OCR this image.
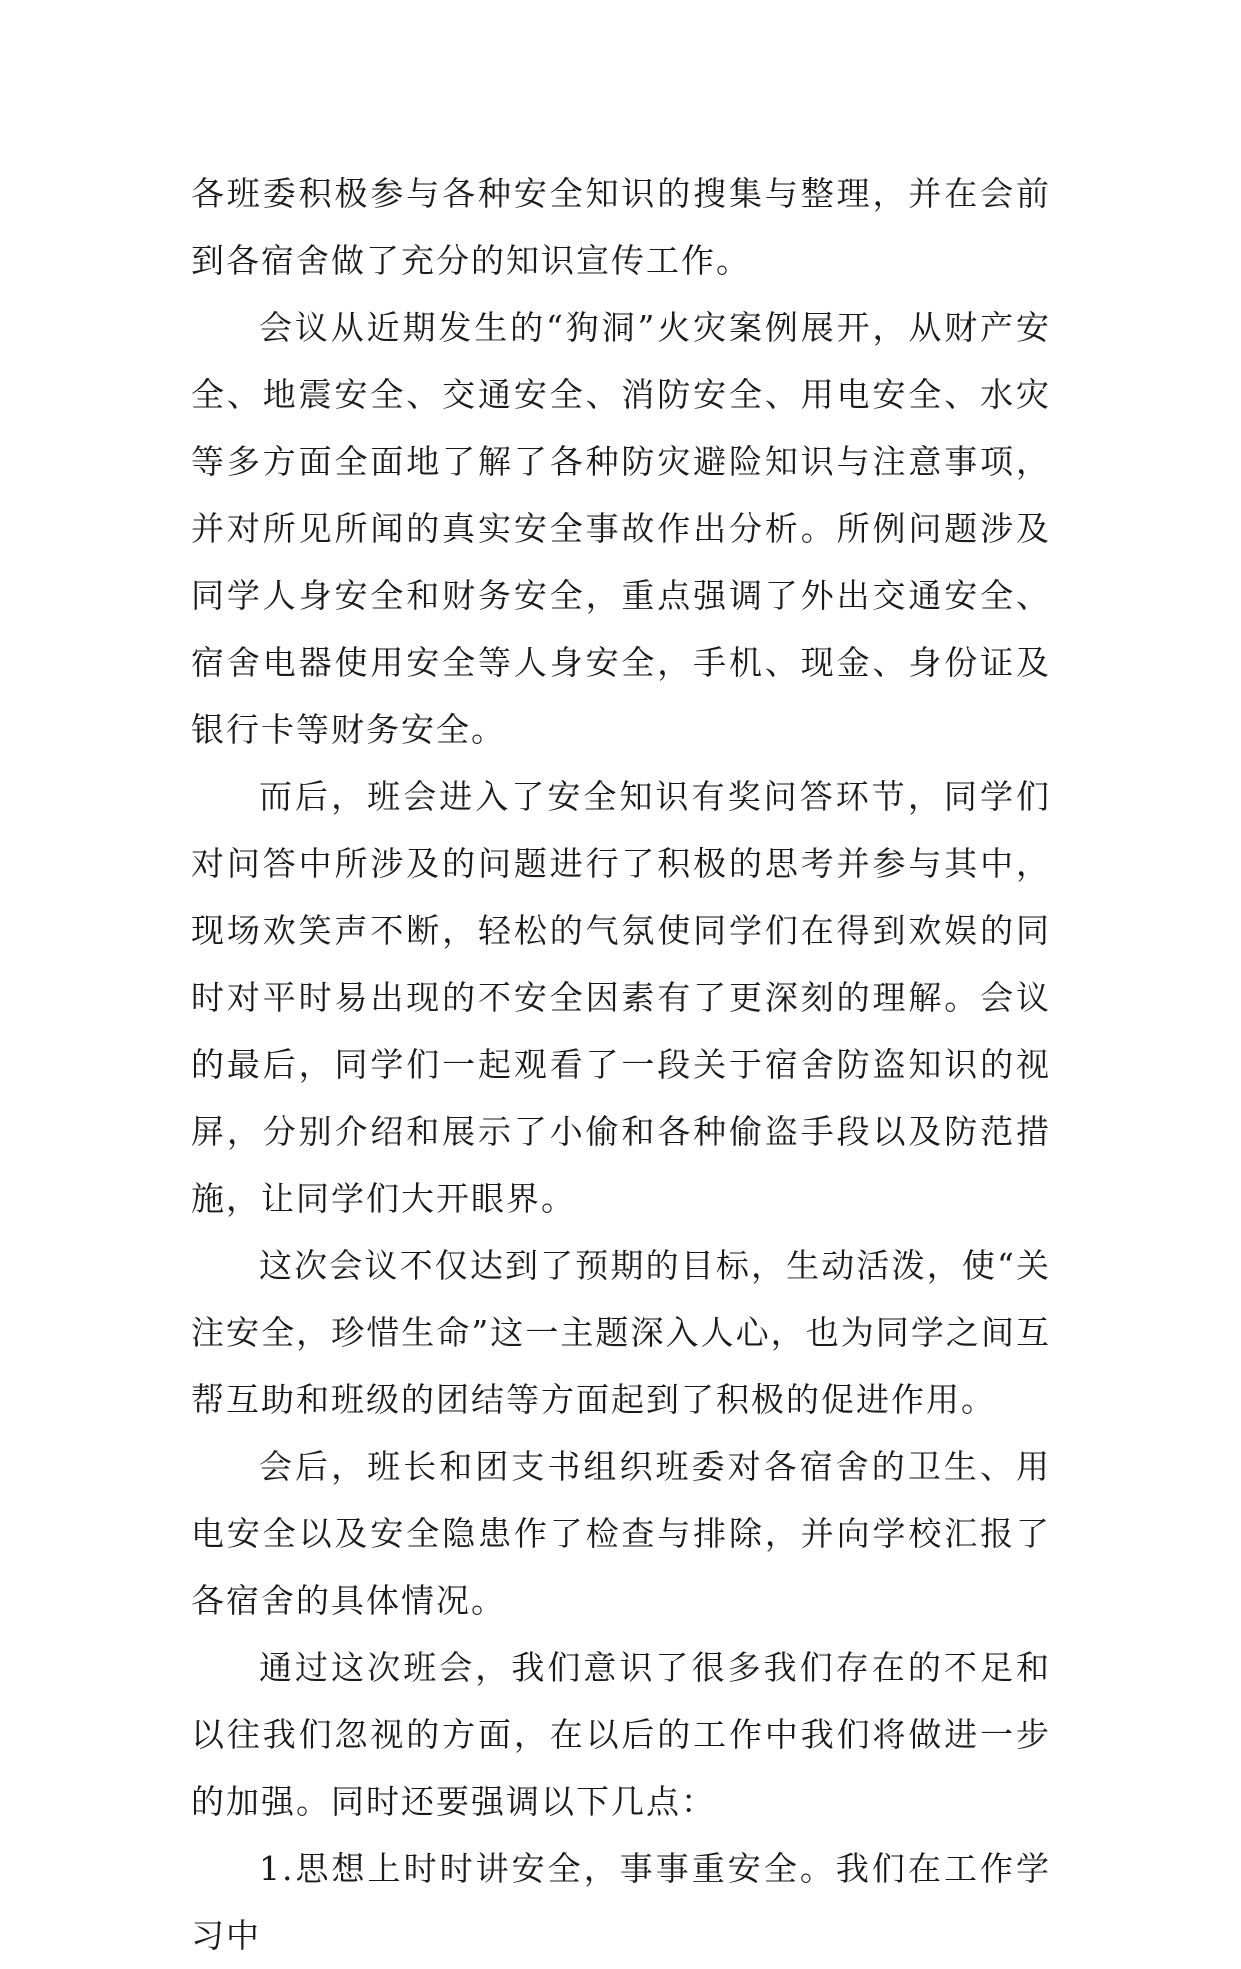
各班委积极参与各种安全知识的搜集与整理，并在会前到各宿舍做了充分的知识宣传工作。

会议从近期发生的“狗洞”火灾案例展开，从财产安全、地震安全、交通安全、消防安全、用电安全、水灾等多方面全面地了解了各种防灾避险知识与注意事项，并对所见所闻的真实安全事故作出分析。所例问题涉及同学人身安全和财务安全，重点强调了外出交通安全、宿舍电器使用安全等人身安全，手机、现金、身份证及银行卡等财务安全。

而后，班会进入了安全知识有奖问答环节，同学们对问答中所涉及的问题进行了积极的思考并参与其中，现场欢笑声不断，轻松的气氛使同学们在得到欢娱的同时对平时易出现的不安全因素有了更深刻的理解。会议的最后，同学们一起观看了一段关于宿舍防盗知识的视屏，分别介绍和展示了小偷和各种偷盗手段以及防范措施，让同学们大开眼界。

这次会议不仅达到了预期的目标，生动活泼，使“关注安全，珍惜生命”这一主题深入人心，也为同学之间互帮互助和班级的团结等方面起到了积极的促进作用。

会后，班长和团支书组织班委对各宿舍的卫生、用电安全以及安全隐患作了检查与排除，并向学校汇报了各宿舍的具体情况。

通过这次班会，我们意识了很多我们存在的不足和以往我们忽视的方面，在以后的工作中我们将做进一步的加强。同时还要强调以下几点：

1.思想上时时讲安全，事事重安全。我们在工作学习中
